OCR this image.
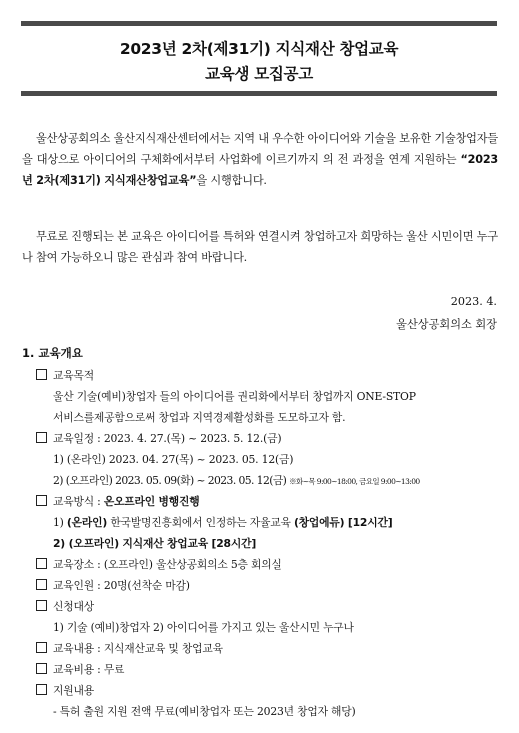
2023년 2차(제31기) 지식재산 창업교육
교육생 모집공고
울산상공회의소 울산지식재산센터에서는 지역 내 우수한 아이디어와 기술을 보유한 기술창업자들을 대상으로 아이디어의 구체화에서부터 사업화에 이르기까지 의 전 과정을 연계 지원하는 “2023년 2차(제31기) 지식재산창업교육”을 시행합니다.
무료로 진행되는 본 교육은 아이디어를 특허와 연결시켜 창업하고자 희망하는 울산 시민이면 누구나 참여 가능하오니 많은 관심과 참여 바랍니다.
2023. 4.
울산상공회의소 회장
1. 교육개요
교육목적
울산 기술(예비)창업자 들의 아이디어를 권리화에서부터 창업까지 ONE-STOP
서비스를제공함으로써 창업과 지역경제활성화를 도모하고자 함.
교육일정 : 2023. 4. 27.(목) ~ 2023. 5. 12.(금)
1) (온라인) 2023. 04. 27(목) ~ 2023. 05. 12(금)
2) (오프라인) 2023. 05. 09(화) ~ 2023. 05. 12(금) ※화~목 9:00~18:00, 금요일 9:00~13:00
교육방식 : 온오프라인 병행진행
1) (온라인) 한국발명진흥회에서 인정하는 자율교육 (창업에듀) [12시간]
2) (오프라인) 지식재산 창업교육 [28시간]
교육장소 : (오프라인) 울산상공회의소 5층 회의실
교육인원 : 20명(선착순 마감)
신청대상
1) 기술 (예비)창업자 2) 아이디어를 가지고 있는 울산시민 누구나
교육내용 : 지식재산교육 및 창업교육
교육비용 : 무료
지원내용
- 특허 출원 지원 전액 무료(예비창업자 또는 2023년 창업자 해당)
